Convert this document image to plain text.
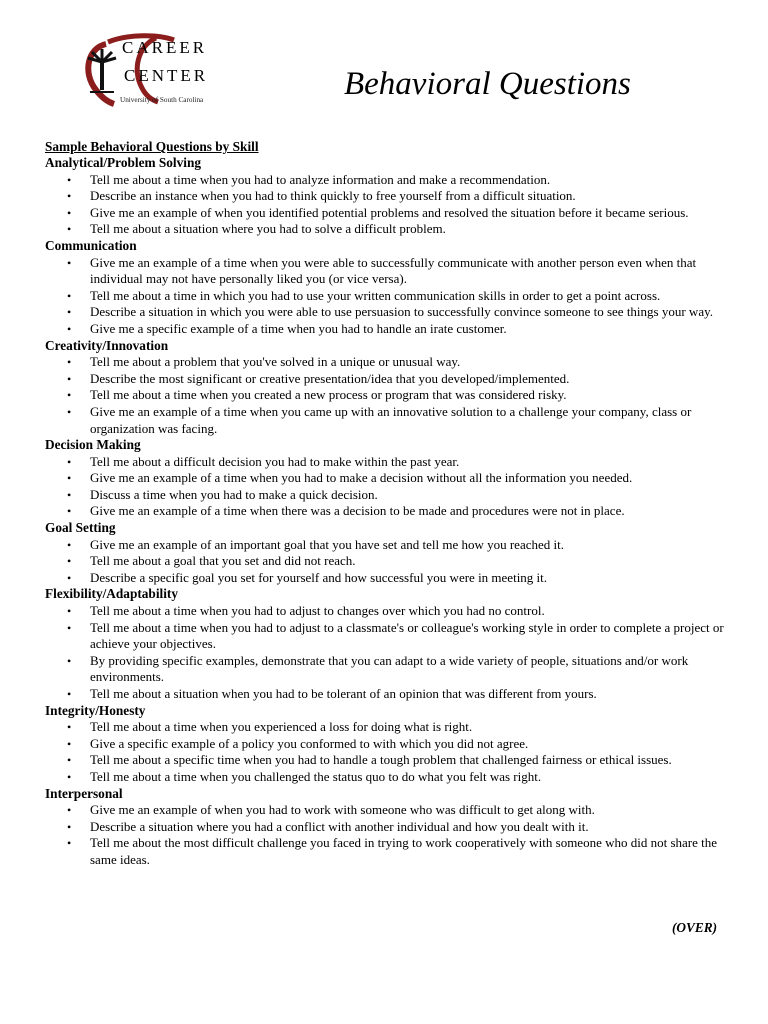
CAREER
CENTER
University of South Carolina	Behavioral Questions

Sample Behavioral Questions by Skill

Analytical/Problem Solving

• Tell me about a time when you had to analyze information and make a recommendation.
• Describe an instance when you had to think quickly to free yourself from a difficult situation.
• Give me an example of when you identified potential problems and resolved the situation before it became serious.
• Tell me about a situation where you had to solve a difficult problem.

Communication

• Give me an example of a time when you were able to successfully communicate with another person even when that individual may not have personally liked you (or vice versa).
• Tell me about a time in which you had to use your written communication skills in order to get a point across.
• Describe a situation in which you were able to use persuasion to successfully convince someone to see things your way.
• Give me a specific example of a time when you had to handle an irate customer.

Creativity/Innovation

• Tell me about a problem that you've solved in a unique or unusual way.
• Describe the most significant or creative presentation/idea that you developed/implemented.
• Tell me about a time when you created a new process or program that was considered risky.
• Give me an example of a time when you came up with an innovative solution to a challenge your company, class or organization was facing.

Decision Making

• Tell me about a difficult decision you had to make within the past year.
• Give me an example of a time when you had to make a decision without all the information you needed.
• Discuss a time when you had to make a quick decision.
• Give me an example of a time when there was a decision to be made and procedures were not in place.

Goal Setting

• Give me an example of an important goal that you have set and tell me how you reached it.
• Tell me about a goal that you set and did not reach.
• Describe a specific goal you set for yourself and how successful you were in meeting it.

Flexibility/Adaptability

• Tell me about a time when you had to adjust to changes over which you had no control.
• Tell me about a time when you had to adjust to a classmate's or colleague's working style in order to complete a project or achieve your objectives.
• By providing specific examples, demonstrate that you can adapt to a wide variety of people, situations and/or work environments.
• Tell me about a situation when you had to be tolerant of an opinion that was different from yours.

Integrity/Honesty

• Tell me about a time when you experienced a loss for doing what is right.
• Give a specific example of a policy you conformed to with which you did not agree.
• Tell me about a specific time when you had to handle a tough problem that challenged fairness or ethical issues.
• Tell me about a time when you challenged the status quo to do what you felt was right.

Interpersonal

• Give me an example of when you had to work with someone who was difficult to get along with.
• Describe a situation where you had a conflict with another individual and how you dealt with it.
• Tell me about the most difficult challenge you faced in trying to work cooperatively with someone who did not share the same ideas.
(OVER)
